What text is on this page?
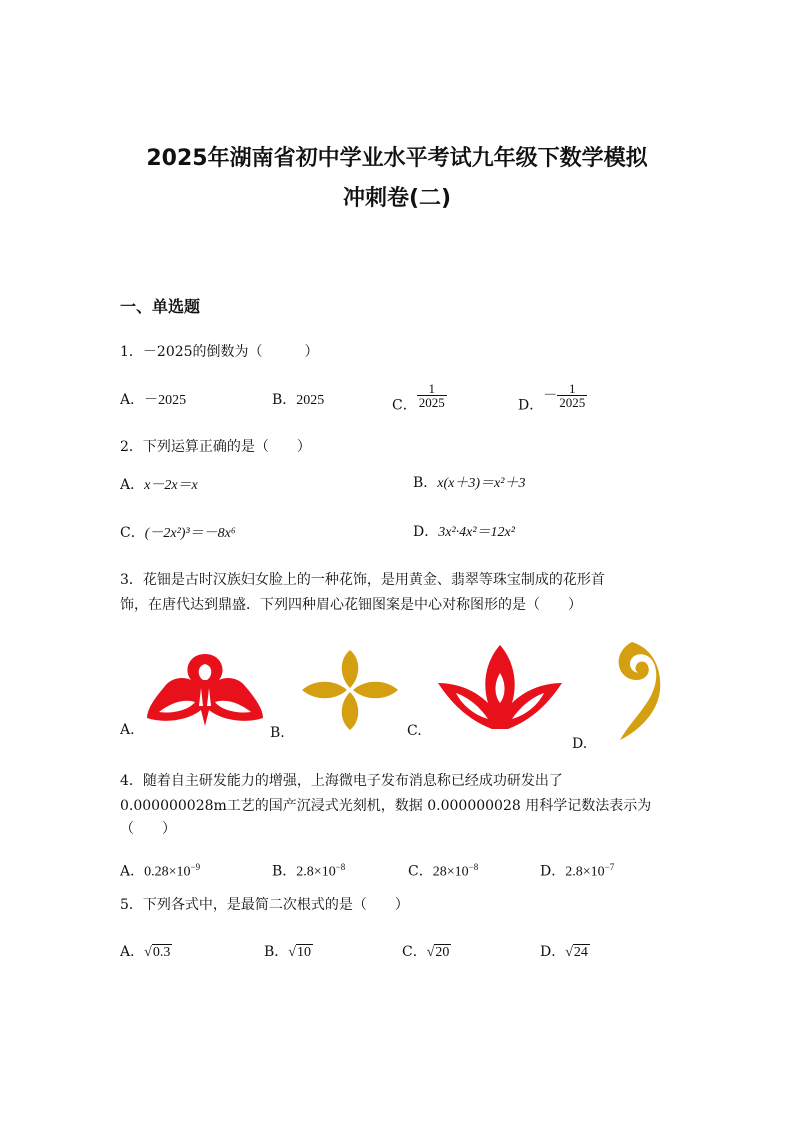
2025年湖南省初中学业水平考试九年级下数学模拟
冲刺卷(二)
一、单选题
1．－2025的倒数为（　　　）
A．－2025	B．2025	C． $\frac{1}{2025}$	D．－ $\frac{1}{2025}$
2．下列运算正确的是（　　）
A．x－2x＝x	B．x(x＋3)＝x²＋3
C．(－2x²)³＝－8x⁶	D．3x²·4x²＝12x²
3．花钿是古时汉族妇女脸上的一种花饰，是用黄金、翡翠等珠宝制成的花形首
饰，在唐代达到鼎盛．下列四种眉心花钿图案是中心对称图形的是（　　）
A.	B.	C.
D.
4．随着自主研发能力的增强，上海微电子发布消息称已经成功研发出了
0.000000028m工艺的国产沉浸式光刻机，数据 0.000000028 用科学记数法表示为
（　　）
A．$0.28\times 10^{-9}$	B．$2.8\times 10^{-8}$	C．$28\times 10^{-8}$	D．$2.8\times 10^{-7}$
5．下列各式中，是最简二次根式的是（　　）
A．√0.3	B．√10	C．√20	D．√24
